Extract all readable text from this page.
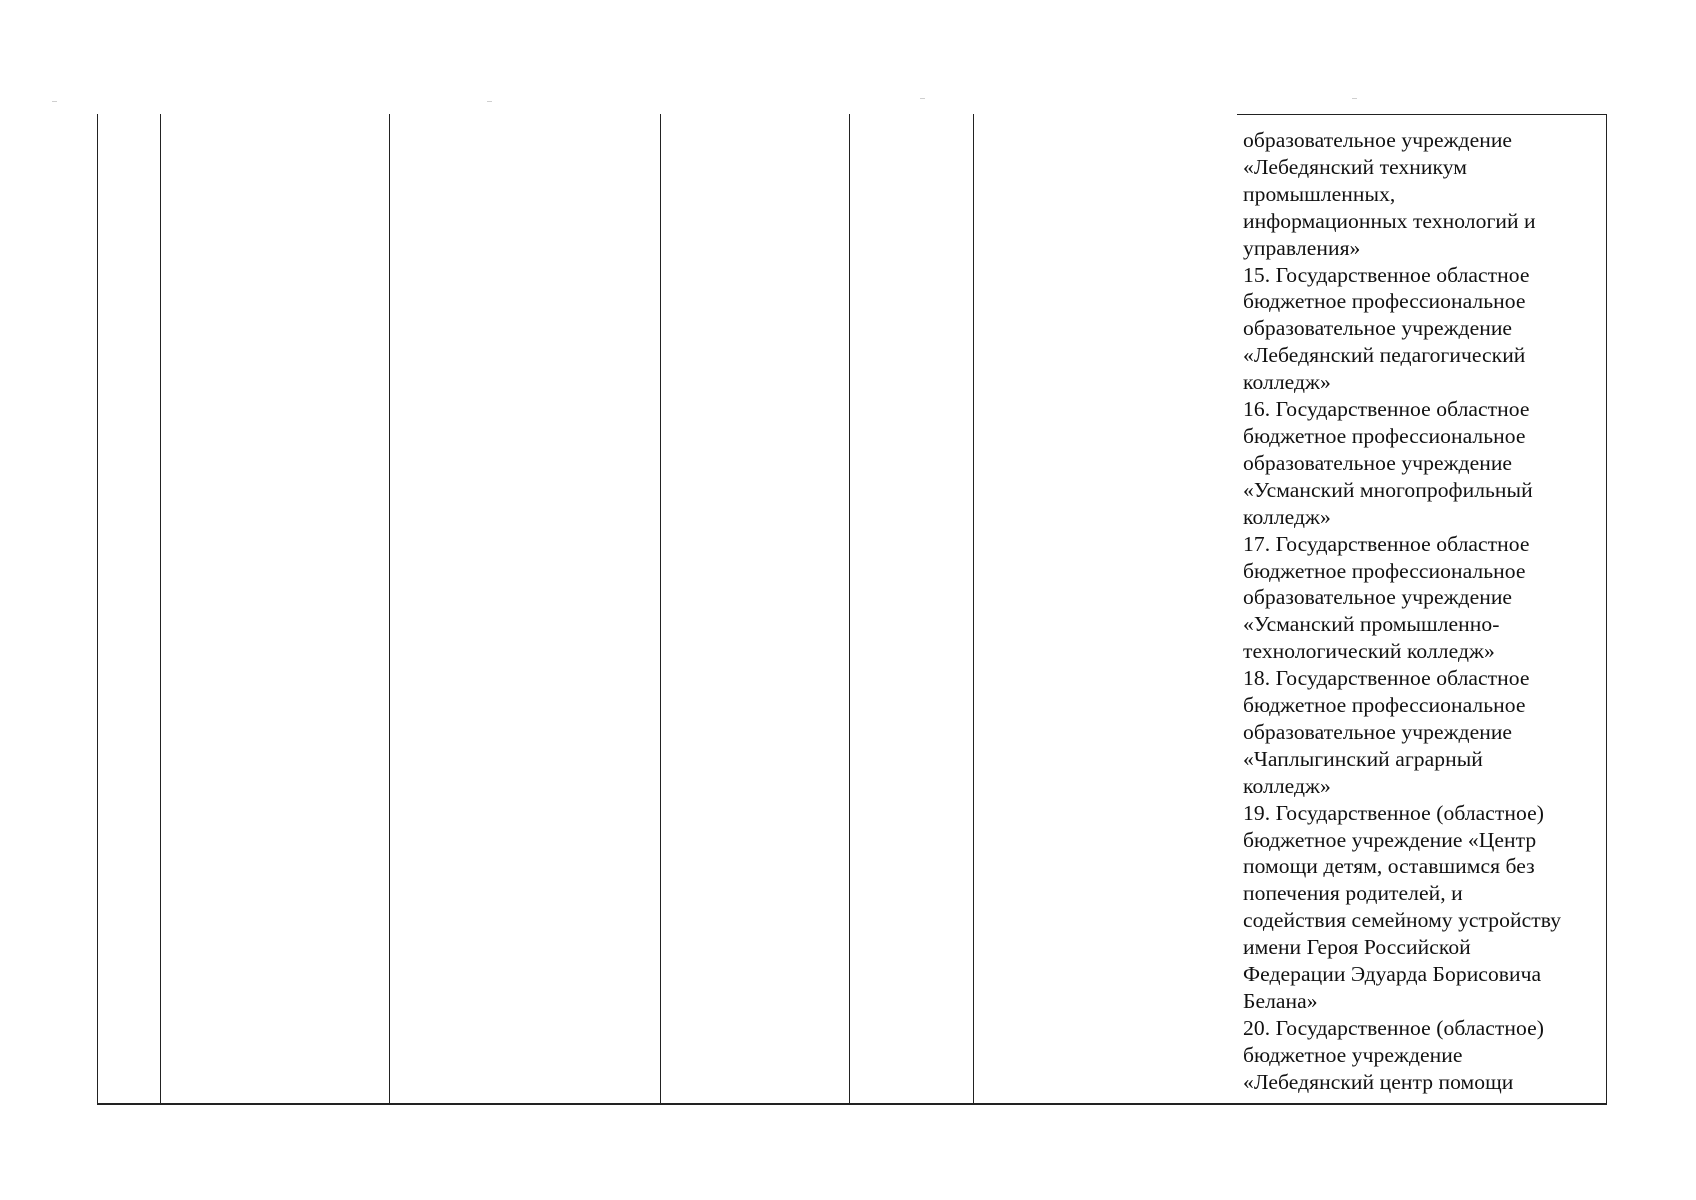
образовательное учреждение
«Лебедянский техникум
промышленных,
информационных технологий и
управления»
15. Государственное областное
бюджетное профессиональное
образовательное учреждение
«Лебедянский педагогический
колледж»
16. Государственное областное
бюджетное профессиональное
образовательное учреждение
«Усманский многопрофильный
колледж»
17. Государственное областное
бюджетное профессиональное
образовательное учреждение
«Усманский промышленно-
технологический колледж»
18. Государственное областное
бюджетное профессиональное
образовательное учреждение
«Чаплыгинский аграрный
колледж»
19. Государственное (областное)
бюджетное учреждение «Центр
помощи детям, оставшимся без
попечения родителей, и
содействия семейному устройству
имени Героя Российской
Федерации Эдуарда Борисовича
Белана»
20. Государственное (областное)
бюджетное учреждение
«Лебедянский центр помощи
